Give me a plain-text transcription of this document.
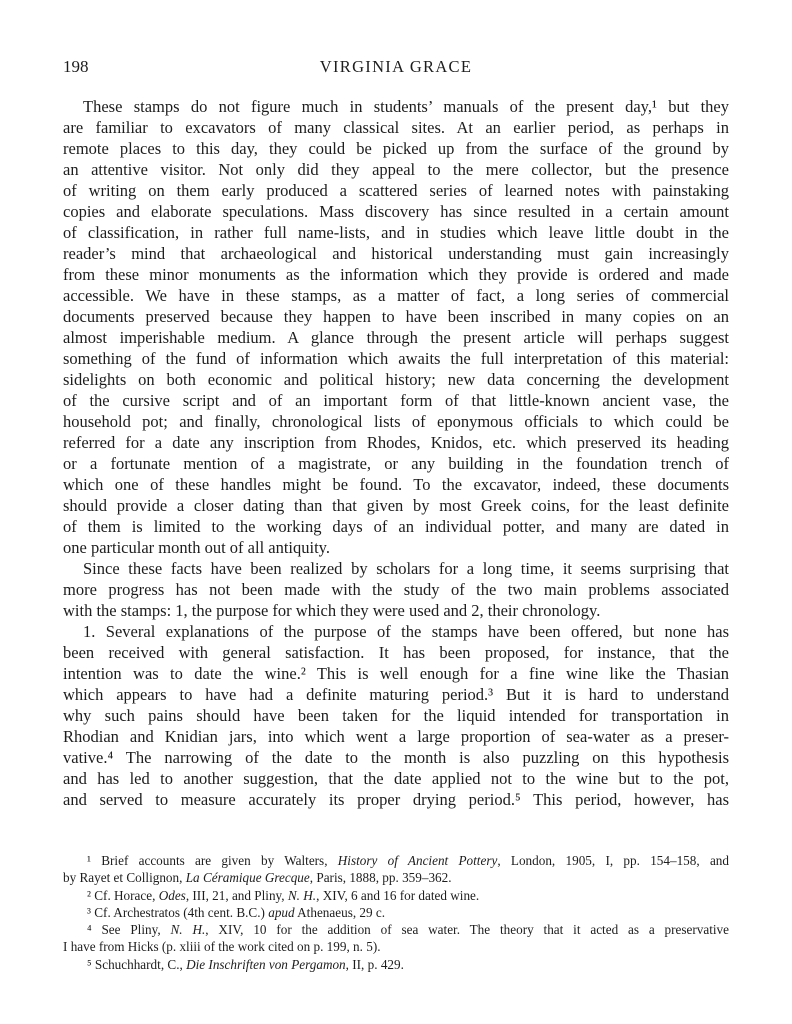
198	VIRGINIA GRACE
These stamps do not figure much in students’ manuals of the present day,¹ but they
are familiar to excavators of many classical sites. At an earlier period, as perhaps in
remote places to this day, they could be picked up from the surface of the ground by
an attentive visitor. Not only did they appeal to the mere collector, but the presence
of writing on them early produced a scattered series of learned notes with painstaking
copies and elaborate speculations. Mass discovery has since resulted in a certain amount
of classification, in rather full name-lists, and in studies which leave little doubt in the
reader’s mind that archaeological and historical understanding must gain increasingly
from these minor monuments as the information which they provide is ordered and made
accessible. We have in these stamps, as a matter of fact, a long series of commercial
documents preserved because they happen to have been inscribed in many copies on an
almost imperishable medium. A glance through the present article will perhaps suggest
something of the fund of information which awaits the full interpretation of this material:
sidelights on both economic and political history; new data concerning the development
of the cursive script and of an important form of that little-known ancient vase, the
household pot; and finally, chronological lists of eponymous officials to which could be
referred for a date any inscription from Rhodes, Knidos, etc. which preserved its heading
or a fortunate mention of a magistrate, or any building in the foundation trench of
which one of these handles might be found. To the excavator, indeed, these documents
should provide a closer dating than that given by most Greek coins, for the least definite
of them is limited to the working days of an individual potter, and many are dated in
one particular month out of all antiquity.
Since these facts have been realized by scholars for a long time, it seems surprising that
more progress has not been made with the study of the two main problems associated
with the stamps: 1, the purpose for which they were used and 2, their chronology.
1. Several explanations of the purpose of the stamps have been offered, but none has
been received with general satisfaction. It has been proposed, for instance, that the
intention was to date the wine.² This is well enough for a fine wine like the Thasian
which appears to have had a definite maturing period.³ But it is hard to understand
why such pains should have been taken for the liquid intended for transportation in
Rhodian and Knidian jars, into which went a large proportion of sea-water as a preser-
vative.⁴ The narrowing of the date to the month is also puzzling on this hypothesis
and has led to another suggestion, that the date applied not to the wine but to the pot,
and served to measure accurately its proper drying period.⁵ This period, however, has
¹ Brief accounts are given by Walters, History of Ancient Pottery, London, 1905, I, pp. 154–158, and
by Rayet et Collignon, La Céramique Grecque, Paris, 1888, pp. 359–362.
² Cf. Horace, Odes, III, 21, and Pliny, N. H., XIV, 6 and 16 for dated wine.
³ Cf. Archestratos (4th cent. B.C.) apud Athenaeus, 29 c.
⁴ See Pliny, N. H., XIV, 10 for the addition of sea water. The theory that it acted as a preservative
I have from Hicks (p. xliii of the work cited on p. 199, n. 5).
⁵ Schuchhardt, C., Die Inschriften von Pergamon, II, p. 429.
